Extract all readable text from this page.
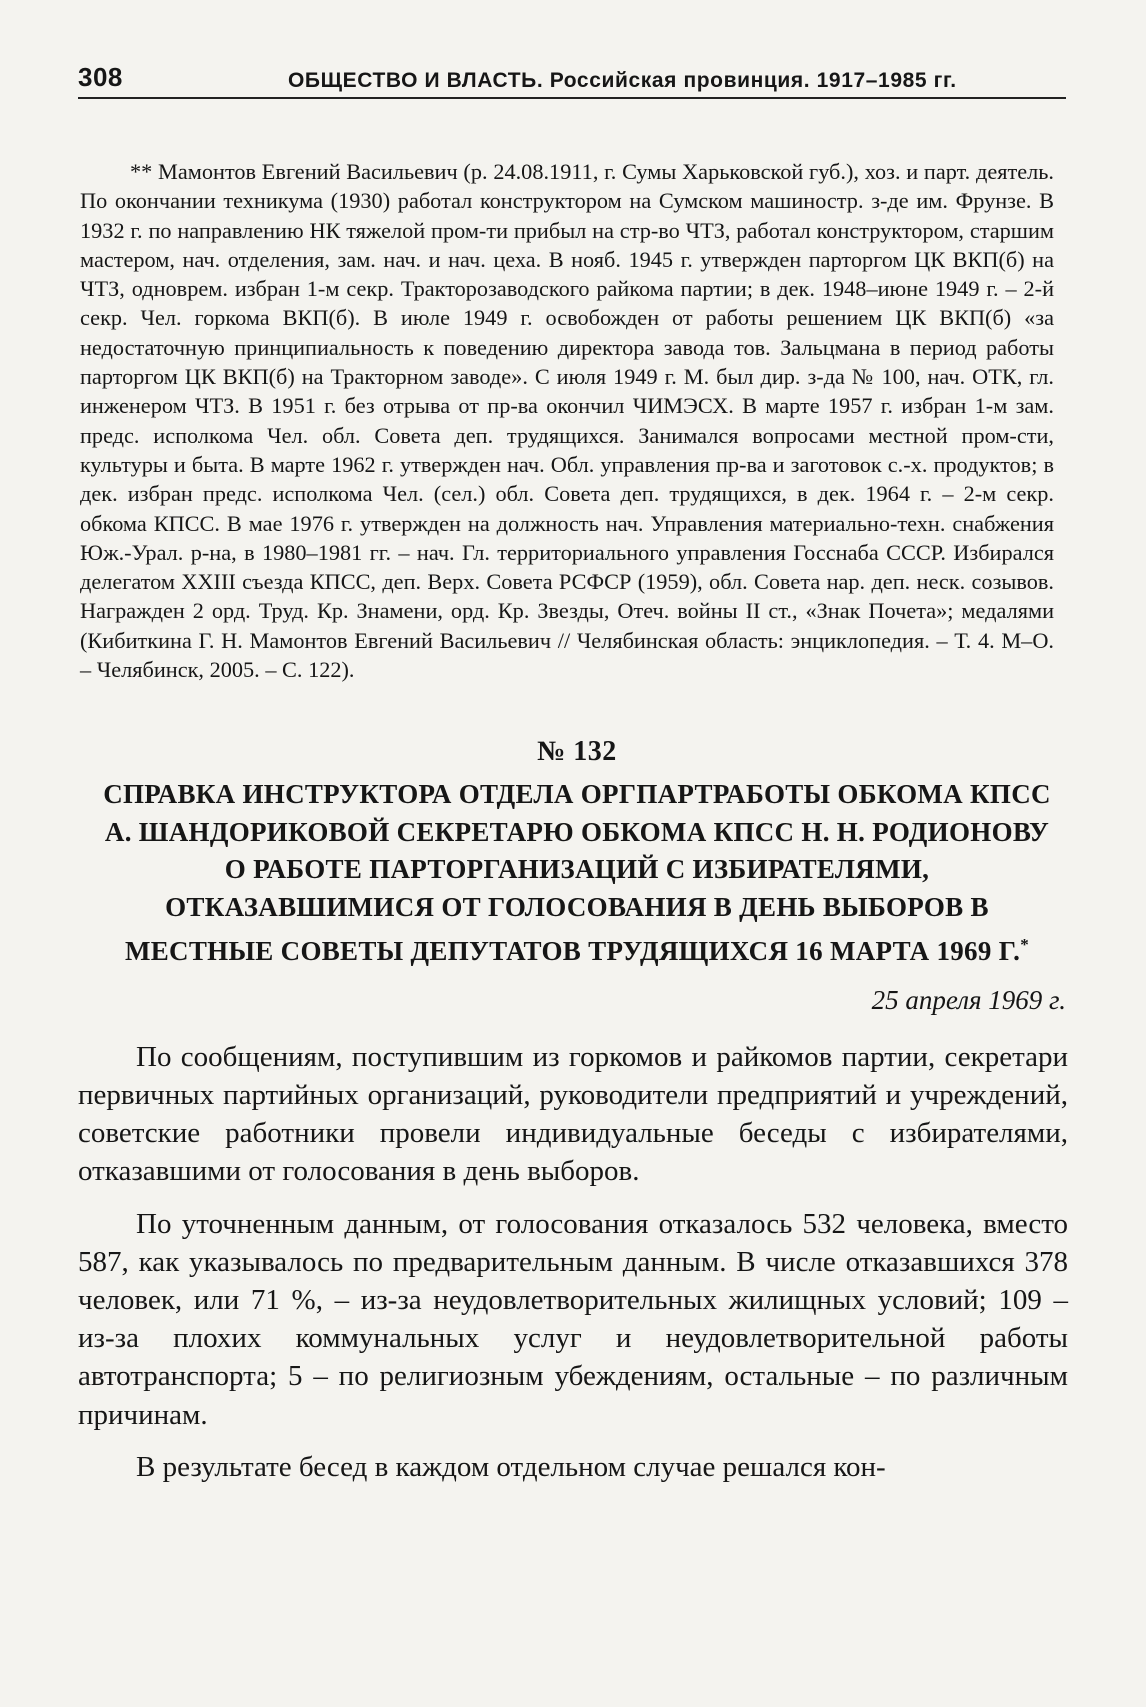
308	ОБЩЕСТВО И ВЛАСТЬ. Российская провинция. 1917–1985 гг.
** Мамонтов Евгений Васильевич (р. 24.08.1911, г. Сумы Харьковской губ.), хоз. и парт. деятель. По окончании техникума (1930) работал конструктором на Сумском машиностр. з-де им. Фрунзе. В 1932 г. по направлению НК тяжелой пром-ти прибыл на стр-во ЧТЗ, работал конструктором, старшим мастером, нач. отделения, зам. нач. и нач. цеха. В нояб. 1945 г. утвержден парторгом ЦК ВКП(б) на ЧТЗ, одноврем. избран 1-м секр. Тракторозаводского райкома партии; в дек. 1948–июне 1949 г. – 2-й секр. Чел. горкома ВКП(б). В июле 1949 г. освобожден от работы решением ЦК ВКП(б) «за недостаточную принципиальность к поведению директора завода тов. Зальцмана в период работы парторгом ЦК ВКП(б) на Тракторном заводе». С июля 1949 г. М. был дир. з-да № 100, нач. ОТК, гл. инженером ЧТЗ. В 1951 г. без отрыва от пр-ва окончил ЧИМЭСХ. В марте 1957 г. избран 1-м зам. предс. исполкома Чел. обл. Совета деп. трудящихся. Занимался вопросами местной пром-сти, культуры и быта. В марте 1962 г. утвержден нач. Обл. управления пр-ва и заготовок с.-х. продуктов; в дек. избран предс. исполкома Чел. (сел.) обл. Совета деп. трудящихся, в дек. 1964 г. – 2-м секр. обкома КПСС. В мае 1976 г. утвержден на должность нач. Управления материально-техн. снабжения Юж.-Урал. р-на, в 1980–1981 гг. – нач. Гл. территориального управления Госснаба СССР. Избирался делегатом XXIII съезда КПСС, деп. Верх. Совета РСФСР (1959), обл. Совета нар. деп. неск. созывов. Награжден 2 орд. Труд. Кр. Знамени, орд. Кр. Звезды, Отеч. войны II ст., «Знак Почета»; медалями (Кибиткина Г. Н. Мамонтов Евгений Васильевич // Челябинская область: энциклопедия. – Т. 4. М–О. – Челябинск, 2005. – С. 122).
№ 132
СПРАВКА ИНСТРУКТОРА ОТДЕЛА ОРГПАРТРАБОТЫ ОБКОМА КПСС А. ШАНДОРИКОВОЙ СЕКРЕТАРЮ ОБКОМА КПСС Н. Н. РОДИОНОВУ О РАБОТЕ ПАРТОРГАНИЗАЦИЙ С ИЗБИРАТЕЛЯМИ, ОТКАЗАВШИМИСЯ ОТ ГОЛОСОВАНИЯ В ДЕНЬ ВЫБОРОВ В МЕСТНЫЕ СОВЕТЫ ДЕПУТАТОВ ТРУДЯЩИХСЯ 16 МАРТА 1969 Г.*
25 апреля 1969 г.

По сообщениям, поступившим из горкомов и райкомов партии, секретари первичных партийных организаций, руководители предприятий и учреждений, советские работники провели индивидуальные беседы с избирателями, отказавшими от голосования в день выборов.

По уточненным данным, от голосования отказалось 532 человека, вместо 587, как указывалось по предварительным данным. В числе отказавшихся 378 человек, или 71 %, – из-за неудовлетворительных жилищных условий; 109 – из-за плохих коммунальных услуг и неудовлетворительной работы автотранспорта; 5 – по религиозным убеждениям, остальные – по различным причинам.

В результате бесед в каждом отдельном случае решался кон-
